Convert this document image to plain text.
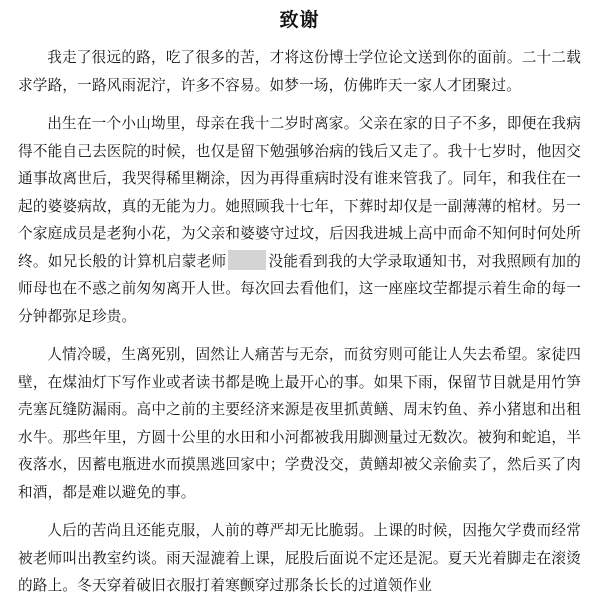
致谢

我走了很远的路，吃了很多的苦，才将这份博士学位论文送到你的面前。二十二载求学路，一路风雨泥泞，许多不容易。如梦一场，仿佛昨天一家人才团聚过。

出生在一个小山坳里，母亲在我十二岁时离家。父亲在家的日子不多，即便在我病得不能自己去医院的时候，也仅是留下勉强够治病的钱后又走了。我十七岁时，他因交通事故离世后，我哭得稀里糊涂，因为再得重病时没有谁来管我了。同年，和我住在一起的婆婆病故，真的无能为力。她照顾我十七年，下葬时却仅是一副薄薄的棺材。另一个家庭成员是老狗小花，为父亲和婆婆守过坟，后因我进城上高中而命不知何时何处所终。如兄长般的计算机启蒙老师	没能看到我的大学录取通知书，对我照顾有加的师母也在不惑之前匆匆离开人世。每次回去看他们，这一座座坟茔都提示着生命的每一分钟都弥足珍贵。

人情冷暖，生离死别，固然让人痛苦与无奈，而贫穷则可能让人失去希望。家徒四壁，在煤油灯下写作业或者读书都是晚上最开心的事。如果下雨，保留节目就是用竹笋壳塞瓦缝防漏雨。高中之前的主要经济来源是夜里抓黄鳝、周末钓鱼、养小猪崽和出租水牛。那些年里，方圆十公里的水田和小河都被我用脚测量过无数次。被狗和蛇追，半夜落水，因蓄电瓶进水而摸黑逃回家中；学费没交，黄鳝却被父亲偷卖了，然后买了肉和酒，都是难以避免的事。

人后的苦尚且还能克服，人前的尊严却无比脆弱。上课的时候，因拖欠学费而经常被老师叫出教室约谈。雨天湿漉着上课，屁股后面说不定还是泥。夏天光着脚走在滚烫的路上。冬天穿着破旧衣服打着寒颤穿过那条长长的过道领作业
